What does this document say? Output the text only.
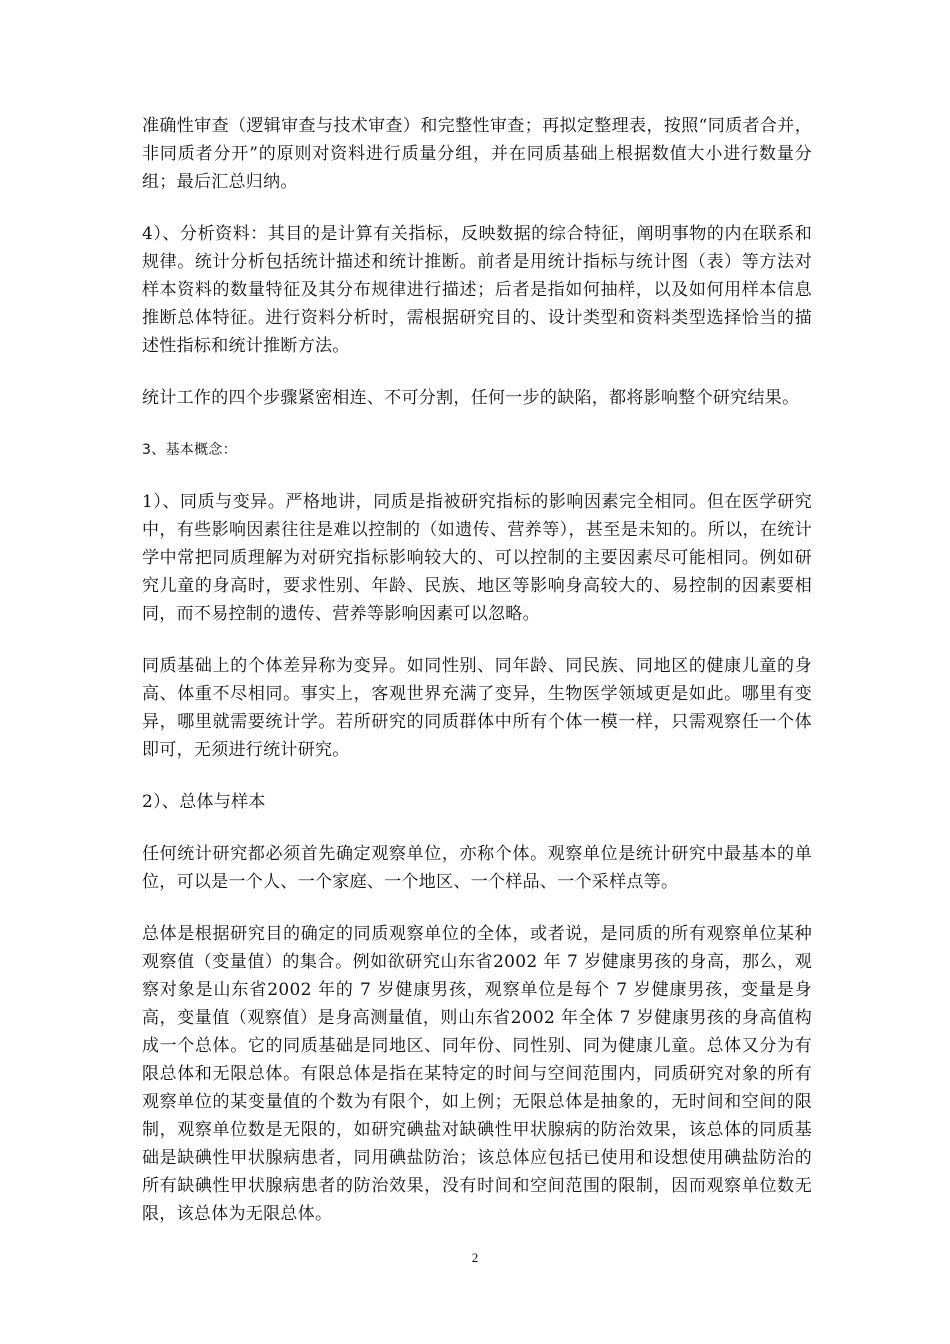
准确性审查（逻辑审查与技术审查）和完整性审查；再拟定整理表，按照“同质者合并，非同质者分开”的原则对资料进行质量分组，并在同质基础上根据数值大小进行数量分组；最后汇总归纳。

4）、分析资料：其目的是计算有关指标，反映数据的综合特征，阐明事物的内在联系和规律。统计分析包括统计描述和统计推断。前者是用统计指标与统计图（表）等方法对样本资料的数量特征及其分布规律进行描述；后者是指如何抽样，以及如何用样本信息推断总体特征。进行资料分析时，需根据研究目的、设计类型和资料类型选择恰当的描述性指标和统计推断方法。

统计工作的四个步骤紧密相连、不可分割，任何一步的缺陷，都将影响整个研究结果。

3、基本概念：

1）、同质与变异。严格地讲，同质是指被研究指标的影响因素完全相同。但在医学研究中，有些影响因素往往是难以控制的（如遗传、营养等），甚至是未知的。所以，在统计学中常把同质理解为对研究指标影响较大的、可以控制的主要因素尽可能相同。例如研究儿童的身高时，要求性别、年龄、民族、地区等影响身高较大的、易控制的因素要相同，而不易控制的遗传、营养等影响因素可以忽略。

同质基础上的个体差异称为变异。如同性别、同年龄、同民族、同地区的健康儿童的身高、体重不尽相同。事实上，客观世界充满了变异，生物医学领域更是如此。哪里有变异，哪里就需要统计学。若所研究的同质群体中所有个体一模一样，只需观察任一个体即可，无须进行统计研究。

2）、总体与样本

任何统计研究都必须首先确定观察单位，亦称个体。观察单位是统计研究中最基本的单位，可以是一个人、一个家庭、一个地区、一个样品、一个采样点等。

总体是根据研究目的确定的同质观察单位的全体，或者说，是同质的所有观察单位某种观察值（变量值）的集合。例如欲研究山东省2002 年 7 岁健康男孩的身高，那么，观察对象是山东省2002 年的 7 岁健康男孩，观察单位是每个 7 岁健康男孩，变量是身高，变量值（观察值）是身高测量值，则山东省2002 年全体 7 岁健康男孩的身高值构成一个总体。它的同质基础是同地区、同年份、同性别、同为健康儿童。总体又分为有限总体和无限总体。有限总体是指在某特定的时间与空间范围内，同质研究对象的所有观察单位的某变量值的个数为有限个，如上例；无限总体是抽象的，无时间和空间的限制，观察单位数是无限的，如研究碘盐对缺碘性甲状腺病的防治效果，该总体的同质基础是缺碘性甲状腺病患者，同用碘盐防治；该总体应包括已使用和设想使用碘盐防治的所有缺碘性甲状腺病患者的防治效果，没有时间和空间范围的限制，因而观察单位数无限，该总体为无限总体。

2
